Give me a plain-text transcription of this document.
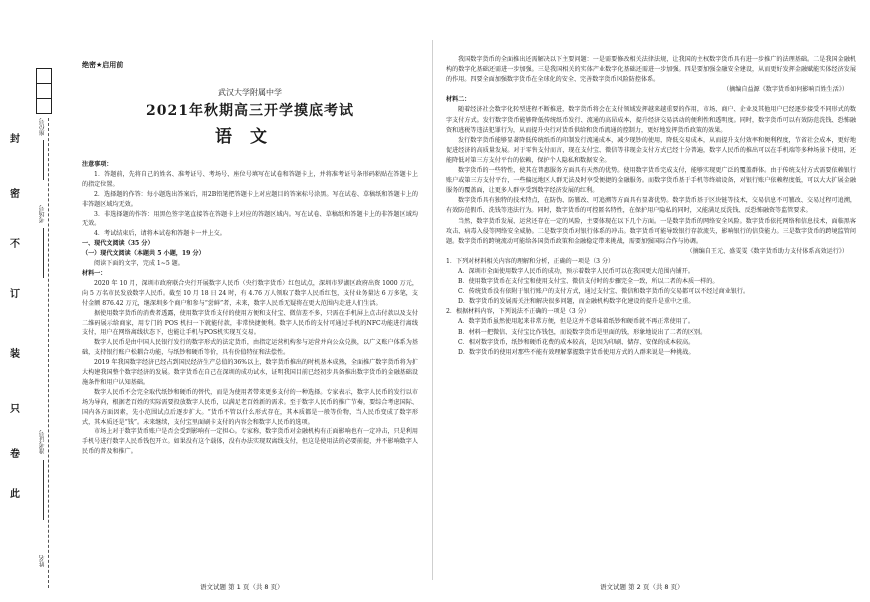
封
密
不
订
装
只
卷
此
座位号
考场号
准考证号
姓名
绝密★启用前
武汉大学附属中学
2021年秋期高三开学摸底考试
语文
注意事项：
1．答题前，先将自己的姓名、准考证号、考场号、座位号填写在试卷和答题卡上，并将准考证号条形码粘贴在答题卡上的指定位置。
2．选择题的作答：每小题选出答案后，用2B铅笔把答题卡上对应题目的答案标号涂黑。写在试卷、草稿纸和答题卡上的非答题区域均无效。
3．非选择题的作答：用黑色签字笔直接答在答题卡上对应的答题区域内。写在试卷、草稿纸和答题卡上的非答题区域均无效。
4．考试结束后，请将本试卷和答题卡一并上交。
一、现代文阅读（35 分）
（一）现代文阅读（本题共 5 小题，19 分）
阅读下面的文字，完成 1~5 题。
材料一：
2020 年 10 月，深圳市政府联合央行开展数字人民币（央行数字货币）红包试点，深圳市罗湖区政府出资 1000 万元，向 5 万名市民发放数字人民币。截至 10 月 18 日 24 时，有 4.76 万人领取了数字人民币红包，支付业务量达 6 万多笔，支付金额 876.42 万元，继深圳多个商户和参与“尝鲜”者，未来，数字人民币无疑将在更大范围内走进人们生活。
据使用数字货币的消费者透露，使用数字货币支付的使用方便和支付宝、微信差不多，只需在手机屏上点击付款以及支付二维码展示给商家，用专门的 POS 机扫一下就能付款，非常快捷便利。数字人民币的支付可通过手机的NFC功能进行离线支付，用户在网络离线状态下，也能让手机与POS机实现互交易。
数字人民币是由中国人民银行发行的数字形式的法定货币，由指定运营机构参与运营并向公众兑换，以广义账户体系为基础，支持银行账户松耦合功能，与纸钞和硬币等价，具有价值特征和法偿性。
2019 年我国数字经济已经占到国民经济生产总值的36%以上，数字货币推出的时机基本成熟，全面推广数字货币将为扩大构建我国整个数字经济的发展。数字货币在自己在深圳的成功试水，证明我国目前已经初步具备推出数字货币的金融基础设施条件和用户认知基础。
数字人民币不会完全取代纸钞和硬币的替代，而是为使用者带来更多支付的一种选择。专家表示，数字人民币的发行以市场为导向，根据老百姓的实际需要投放数字人民币，以满足老百姓新的需求。至于数字人民币的推广节奏，要综合考虑国际、国内各方面因素，先小范围试点后逐步扩大。“货币不管以什么形式存在，其本质都是一般等价物，当人民币变成了数字形式，其本质还是“钱”。未来继续，支付宝里面刷卡支付的内容会和数字人民币的选项。
市场上对于数字货币账户是否会受到影响有一定担心。专家称，数字货币对金融机构有正面影响也有一定冲击，只是利用手机号进行数字人民币钱包开立。如果没有这个载体，没有办法实现双离线支付，但这是使用法的必要前提，并不影响数字人民币的普及和推广。
我国数字货币的全面推出还需解决以下主要问题：一是需要修改相关法律法规，让我国的主权数字货币具有进一步推广的法理基础。二是我国金融机构的数字化基础还需进一步加强。三是我国相关的实体产业数字化基础还需进一步加强。四是要加强金融安全建设，从而更好发挥金融赋能实体经济发展的作用。四要全面加强数字货币在全球化的安全、完善数字货币风险防控体系。
（摘编自益源《数字货币如何影响百姓生活》）
材料二：
随着经济社会数字化转型进程不断推进，数字货币将会在支付领域发挥越来越重要的作用，市场、商户、企业及其他用户已经逐步接受不同形式的数字支付方式。发行数字货币能够降低传统纸币发行、流通的高昂成本，提升经济交易活动的便利性和透明度。同时，数字货币可以有效防范洗钱、恐怖融资和逃税等违法犯罪行为，从而提升央行对货币供给和货币流通的控制力，更好地发挥货币政策的效果。
发行数字货币能够显著降低传统纸币的印制发行流通成本，减少现钞的使用，降低交易成本，从而提升支付效率和便利程度，节省社会成本，更好地促进经济的高质量发展。对于零售支付而言，现在支付宝、微信等非现金支付方式已经十分普遍，数字人民币的推出可以在手机端等多种场景下使用，还能降低对第三方支付平台的依赖，保护个人隐私和数据安全。
数字货币的一些特性，使其在普惠服务方面具有天然的优势。使用数字货币完成支付，能够实现更广泛的覆盖群体。由于传统支付方式需要依赖银行账户或第三方支付平台，一些偏远地区人群无法及时享受便捷的金融服务。而数字货币基于手机等终端设备，对银行账户依赖程度低，可以大大扩展金融服务的覆盖面，让更多人群享受到数字经济发展的红利。
数字货币具有独特的技术特点，在防伪、防篡改、可追溯等方面具有显著优势。数字货币基于区块链等技术，交易信息不可篡改、交易过程可追溯，有效防范假币、洗钱等违法行为。同时，数字货币的可控匿名特性，在保护用户隐私的同时，又能满足反洗钱、反恐怖融资等监管要求。
当然，数字货币发展、运营还存在一定的风险，主要体现在以下几个方面。一是数字货币的网络安全风险。数字货币依托网络和信息技术，面临黑客攻击、病毒入侵等网络安全威胁。二是数字货币对银行体系的冲击。数字货币可能导致银行存款流失，影响银行的信贷能力。三是数字货币的跨境监管问题。数字货币的跨境流动可能给各国货币政策和金融稳定带来挑战，需要加强国际合作与协调。
（摘编自王元、盛雯雯《数字货币助力支付体系高效运行》）
1．下列对材料相关内容的理解和分析，正确的一项是（3 分）
A．深圳市全面使用数字人民币的成功，预示着数字人民币可以在我国更大范围内铺开。
B．使用数字货币在支付宝和使用支付宝、微信支付时的步骤完全一致，所以二者的本质一样的。
C．传统货币没有依附于银行账户的支付方式，通过支付宝、微信和数字货币的交易都可以不经过商业银行。
D．数字货币的发展需关注和解决很多问题，而金融机构数字化建设的提升是重中之重。
2．根据材料内容，下列说法不正确的一项是（3 分）
A．数字货币虽然使用起来非常方便，但是这并不意味着纸钞和硬币就不再正常使用了。
B．材料一把微信、支付宝比作钱包，而说数字货币是里面的钱，形象地说出了二者的区别。
C．相对数字货币，纸钞和硬币花费的成本较高，是因为印刷、储存、安保的成本较高。
D．数字货币的使用对那些不能有效理解掌握数字货币使用方式的人群来说是一种挑战。
语文试题 第 1 页（共 8 页）	语文试题 第 2 页（共 8 页）
